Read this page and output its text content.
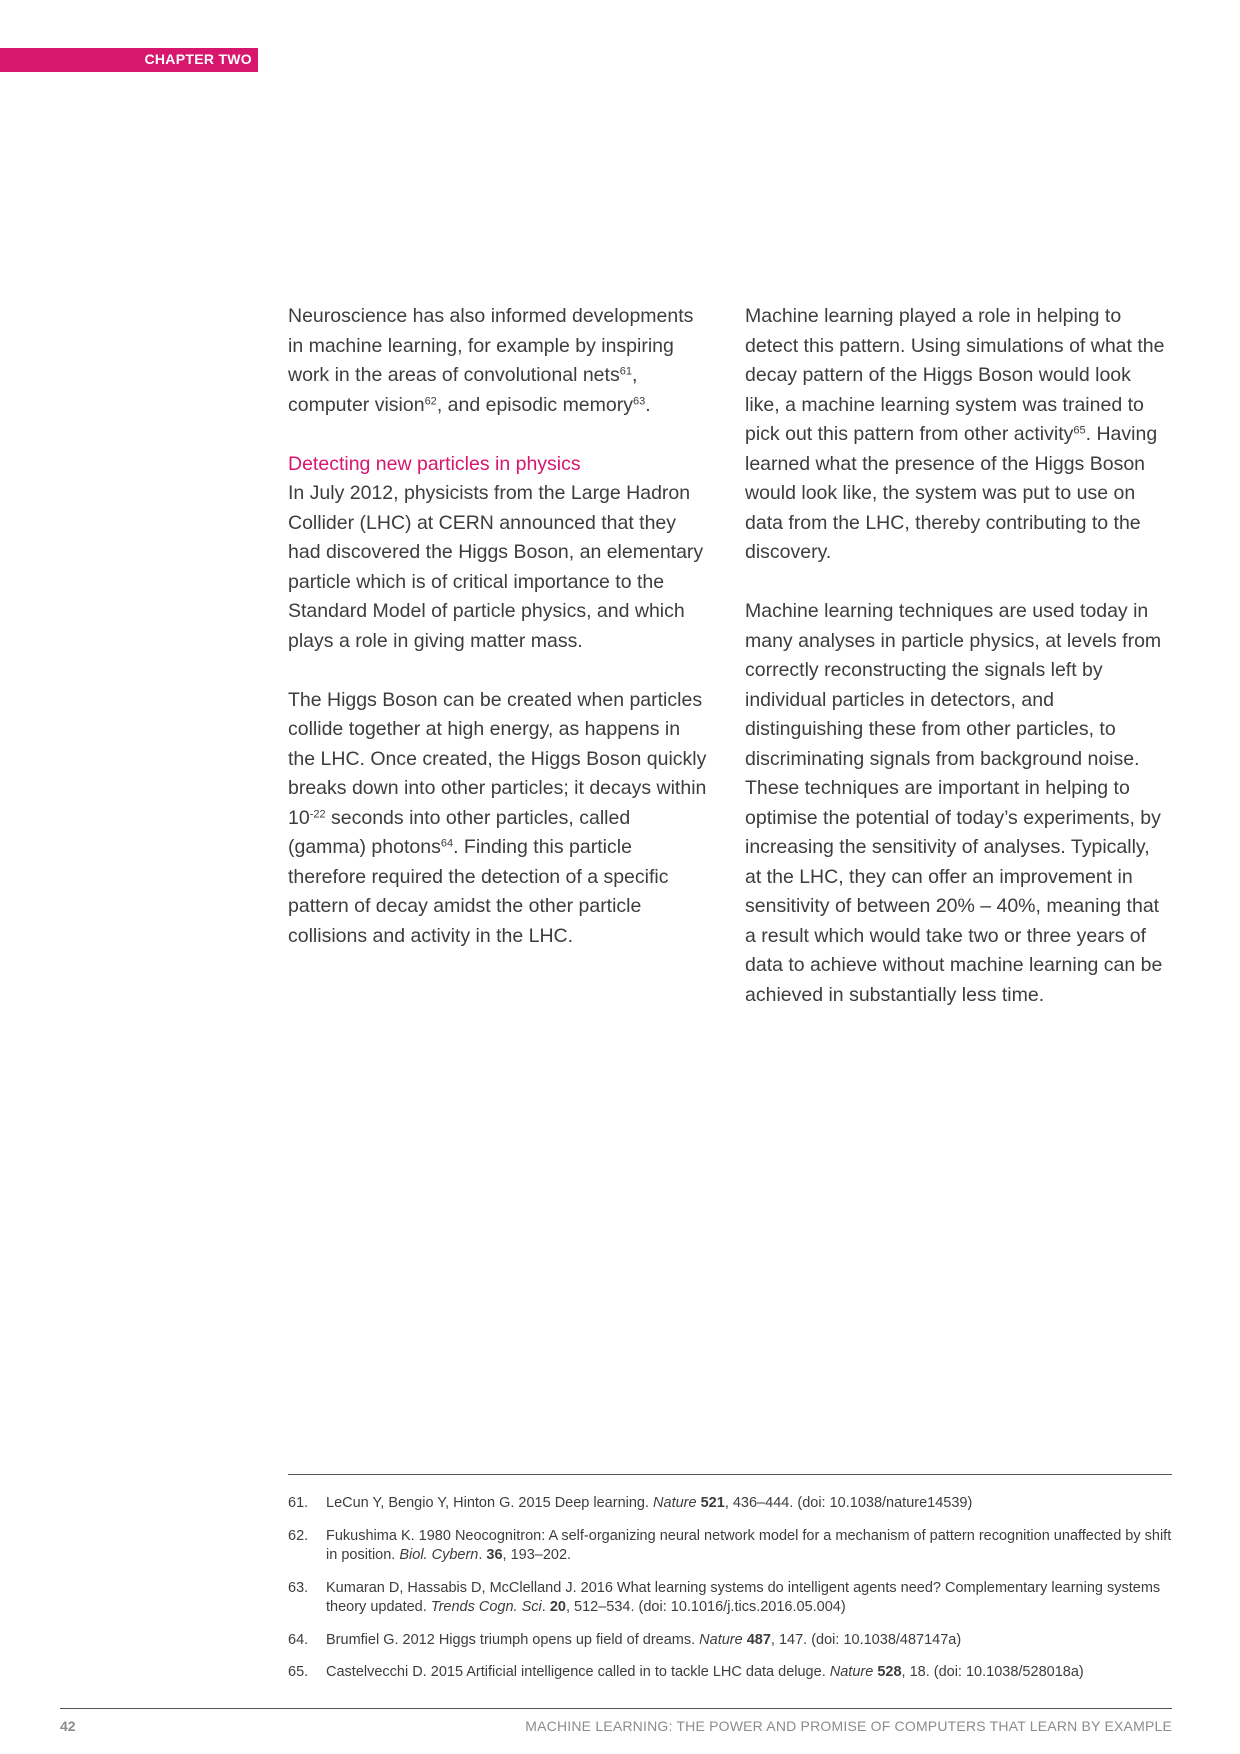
CHAPTER TWO

Neuroscience has also informed developments in machine learning, for example by inspiring work in the areas of convolutional nets$^{61}$, computer vision$^{62}$, and episodic memory$^{63}$.

Detecting new particles in physics
In July 2012, physicists from the Large Hadron Collider (LHC) at CERN announced that they had discovered the Higgs Boson, an elementary particle which is of critical importance to the Standard Model of particle physics, and which plays a role in giving matter mass.

The Higgs Boson can be created when particles collide together at high energy, as happens in the LHC. Once created, the Higgs Boson quickly breaks down into other particles; it decays within $10^{-22}$ seconds into other particles, called (gamma) photons$^{64}$. Finding this particle therefore required the detection of a specific pattern of decay amidst the other particle collisions and activity in the LHC.

Machine learning played a role in helping to detect this pattern. Using simulations of what the decay pattern of the Higgs Boson would look like, a machine learning system was trained to pick out this pattern from other activity$^{65}$. Having learned what the presence of the Higgs Boson would look like, the system was put to use on data from the LHC, thereby contributing to the discovery.

Machine learning techniques are used today in many analyses in particle physics, at levels from correctly reconstructing the signals left by individual particles in detectors, and distinguishing these from other particles, to discriminating signals from background noise. These techniques are important in helping to optimise the potential of today’s experiments, by increasing the sensitivity of analyses. Typically, at the LHC, they can offer an improvement in sensitivity of between 20% – 40%, meaning that a result which would take two or three years of data to achieve without machine learning can be achieved in substantially less time.

61. LeCun Y, Bengio Y, Hinton G. 2015 Deep learning. Nature 521, 436–444. (doi: 10.1038/nature14539)
62. Fukushima K. 1980 Neocognitron: A self-organizing neural network model for a mechanism of pattern recognition unaffected by shift in position. Biol. Cybern. 36, 193–202.
63. Kumaran D, Hassabis D, McClelland J. 2016 What learning systems do intelligent agents need? Complementary learning systems theory updated. Trends Cogn. Sci. 20, 512–534. (doi: 10.1016/j.tics.2016.05.004)
64. Brumfiel G. 2012 Higgs triumph opens up field of dreams. Nature 487, 147. (doi: 10.1038/487147a)
65. Castelvecchi D. 2015 Artificial intelligence called in to tackle LHC data deluge. Nature 528, 18. (doi: 10.1038/528018a)
42	MACHINE LEARNING: THE POWER AND PROMISE OF COMPUTERS THAT LEARN BY EXAMPLE
